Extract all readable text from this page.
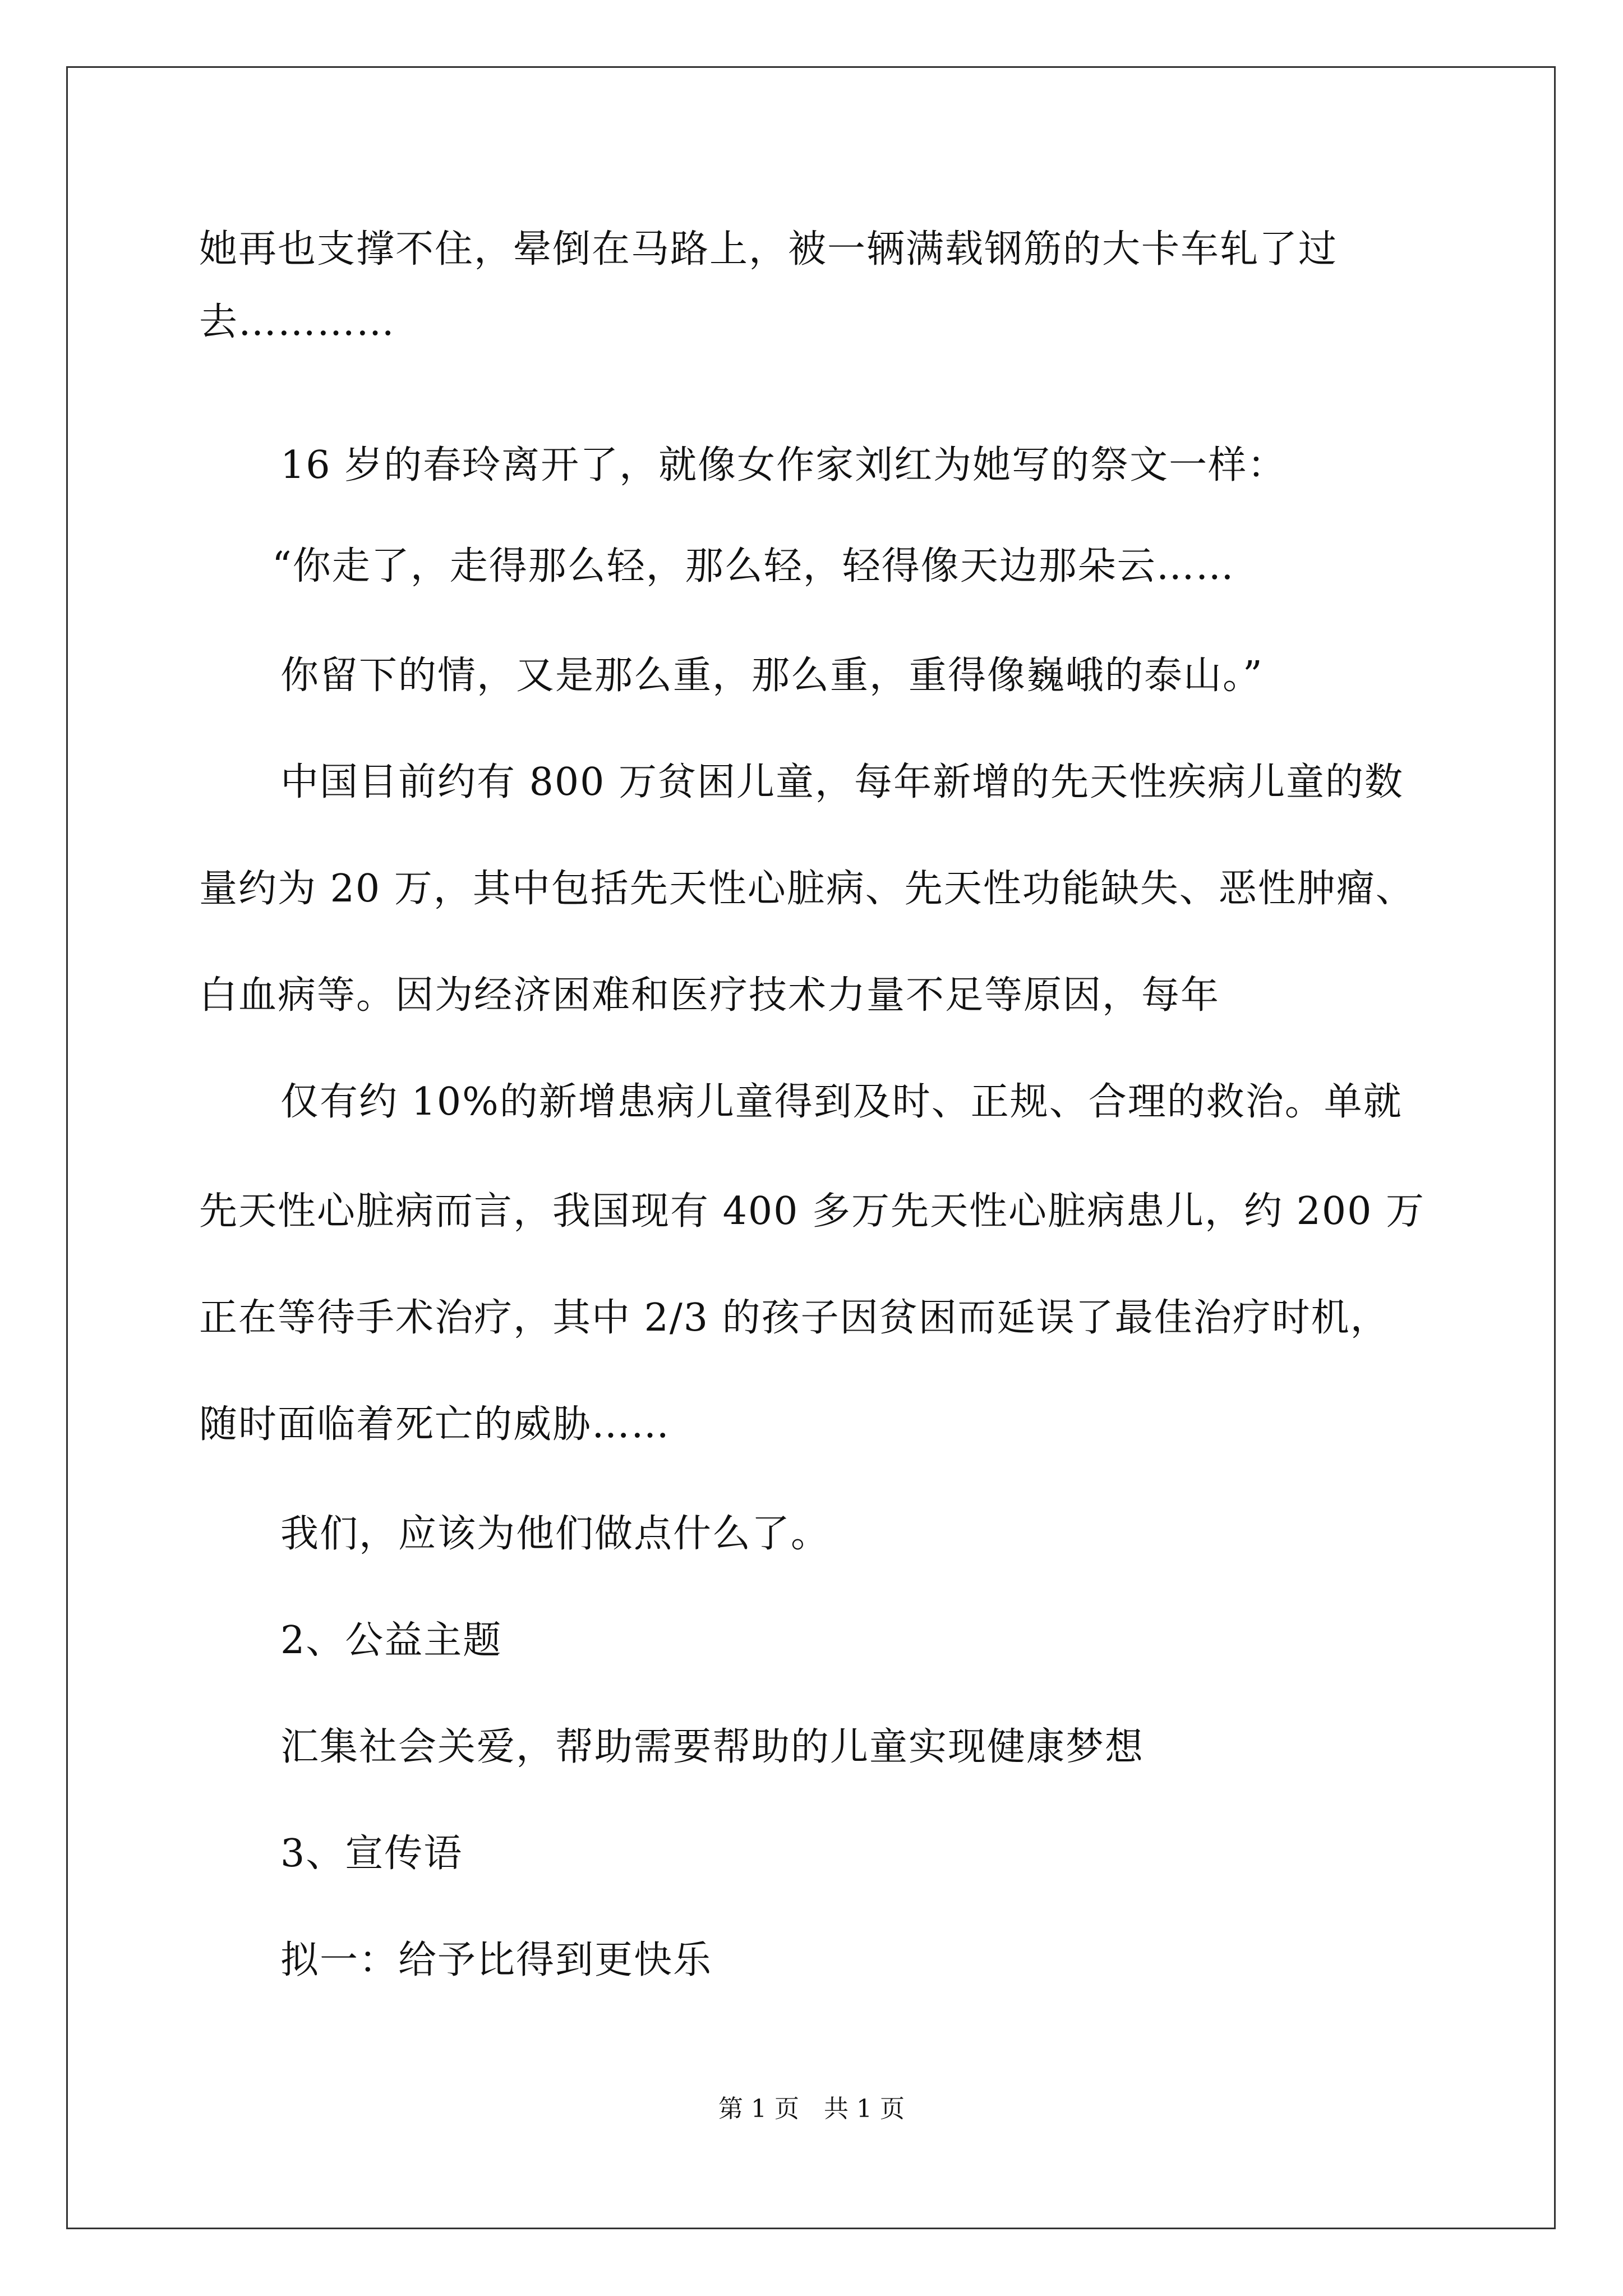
她再也支撑不住，晕倒在马路上，被一辆满载钢筋的大卡车轧了过
去…………
16 岁的春玲离开了，就像女作家刘红为她写的祭文一样：
“你走了，走得那么轻，那么轻，轻得像天边那朵云……
你留下的情，又是那么重，那么重，重得像巍峨的泰山。”
中国目前约有 800 万贫困儿童，每年新增的先天性疾病儿童的数
量约为 20 万，其中包括先天性心脏病、先天性功能缺失、恶性肿瘤、
白血病等。因为经济困难和医疗技术力量不足等原因，每年
仅有约 10%的新增患病儿童得到及时、正规、合理的救治。单就
先天性心脏病而言，我国现有 400 多万先天性心脏病患儿，约 200 万
正在等待手术治疗，其中 2/3 的孩子因贫困而延误了最佳治疗时机，
随时面临着死亡的威胁……
我们，应该为他们做点什么了。
2、公益主题
汇集社会关爱，帮助需要帮助的儿童实现健康梦想
3、宣传语
拟一：给予比得到更快乐
第 1 页　共 1 页
